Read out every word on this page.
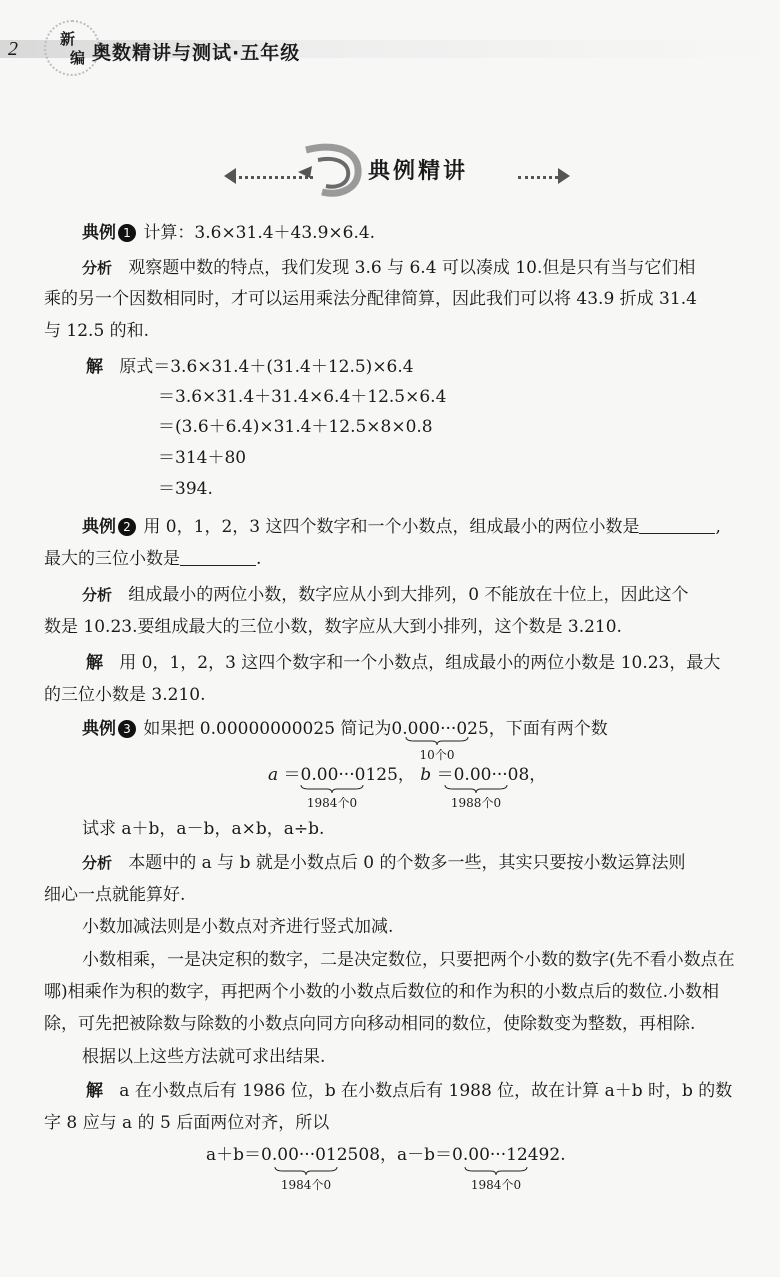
2	新
编 奥数精讲与测试·五年级
典例精讲
典例 1 计算：3.6×31.4＋43.9×6.4.
分析 观察题中数的特点，我们发现 3.6 与 6.4 可以凑成 10.但是只有当与它们相
乘的另一个因数相同时，才可以运用乘法分配律简算，因此我们可以将 43.9 折成 31.4
与 12.5 的和.
解 原式＝3.6×31.4＋(31.4＋12.5)×6.4
＝3.6×31.4＋31.4×6.4＋12.5×6.4
＝(3.6＋6.4)×31.4＋12.5×8×0.8
＝314＋80
＝394.
典例 2 用 0，1，2，3 这四个数字和一个小数点，组成最小的两位小数是	,
最大的三位小数是	.
分析 组成最小的两位小数，数字应从小到大排列，0 不能放在十位上，因此这个
数是 10.23.要组成最大的三位小数，数字应从大到小排列，这个数是 3.210.
解 用 0，1，2，3 这四个数字和一个小数点，组成最小的两位小数是 10.23，最大
的三位小数是 3.210.
典例 3 如果把 0.00000000025 简记为0.000···025，下面有两个数
10个0
a ＝0.00···0125， b ＝0.00···08，
1984个0	1988个0
试求 a＋b，a－b，a×b，a÷b.
分析 本题中的 a 与 b 就是小数点后 0 的个数多一些，其实只要按小数运算法则
细心一点就能算好.
小数加减法则是小数点对齐进行竖式加减.
小数相乘，一是决定积的数字，二是决定数位，只要把两个小数的数字(先不看小数点在
哪)相乘作为积的数字，再把两个小数的小数点后数位的和作为积的小数点后的数位.小数相
除，可先把被除数与除数的小数点向同方向移动相同的数位，使除数变为整数，再相除.
根据以上这些方法就可求出结果.
解 a 在小数点后有 1986 位，b 在小数点后有 1988 位，故在计算 a＋b 时，b 的数
字 8 应与 a 的 5 后面两位对齐，所以
a＋b＝0.00···012508，a－b＝0.00···12492.
1984个0	1984个0
